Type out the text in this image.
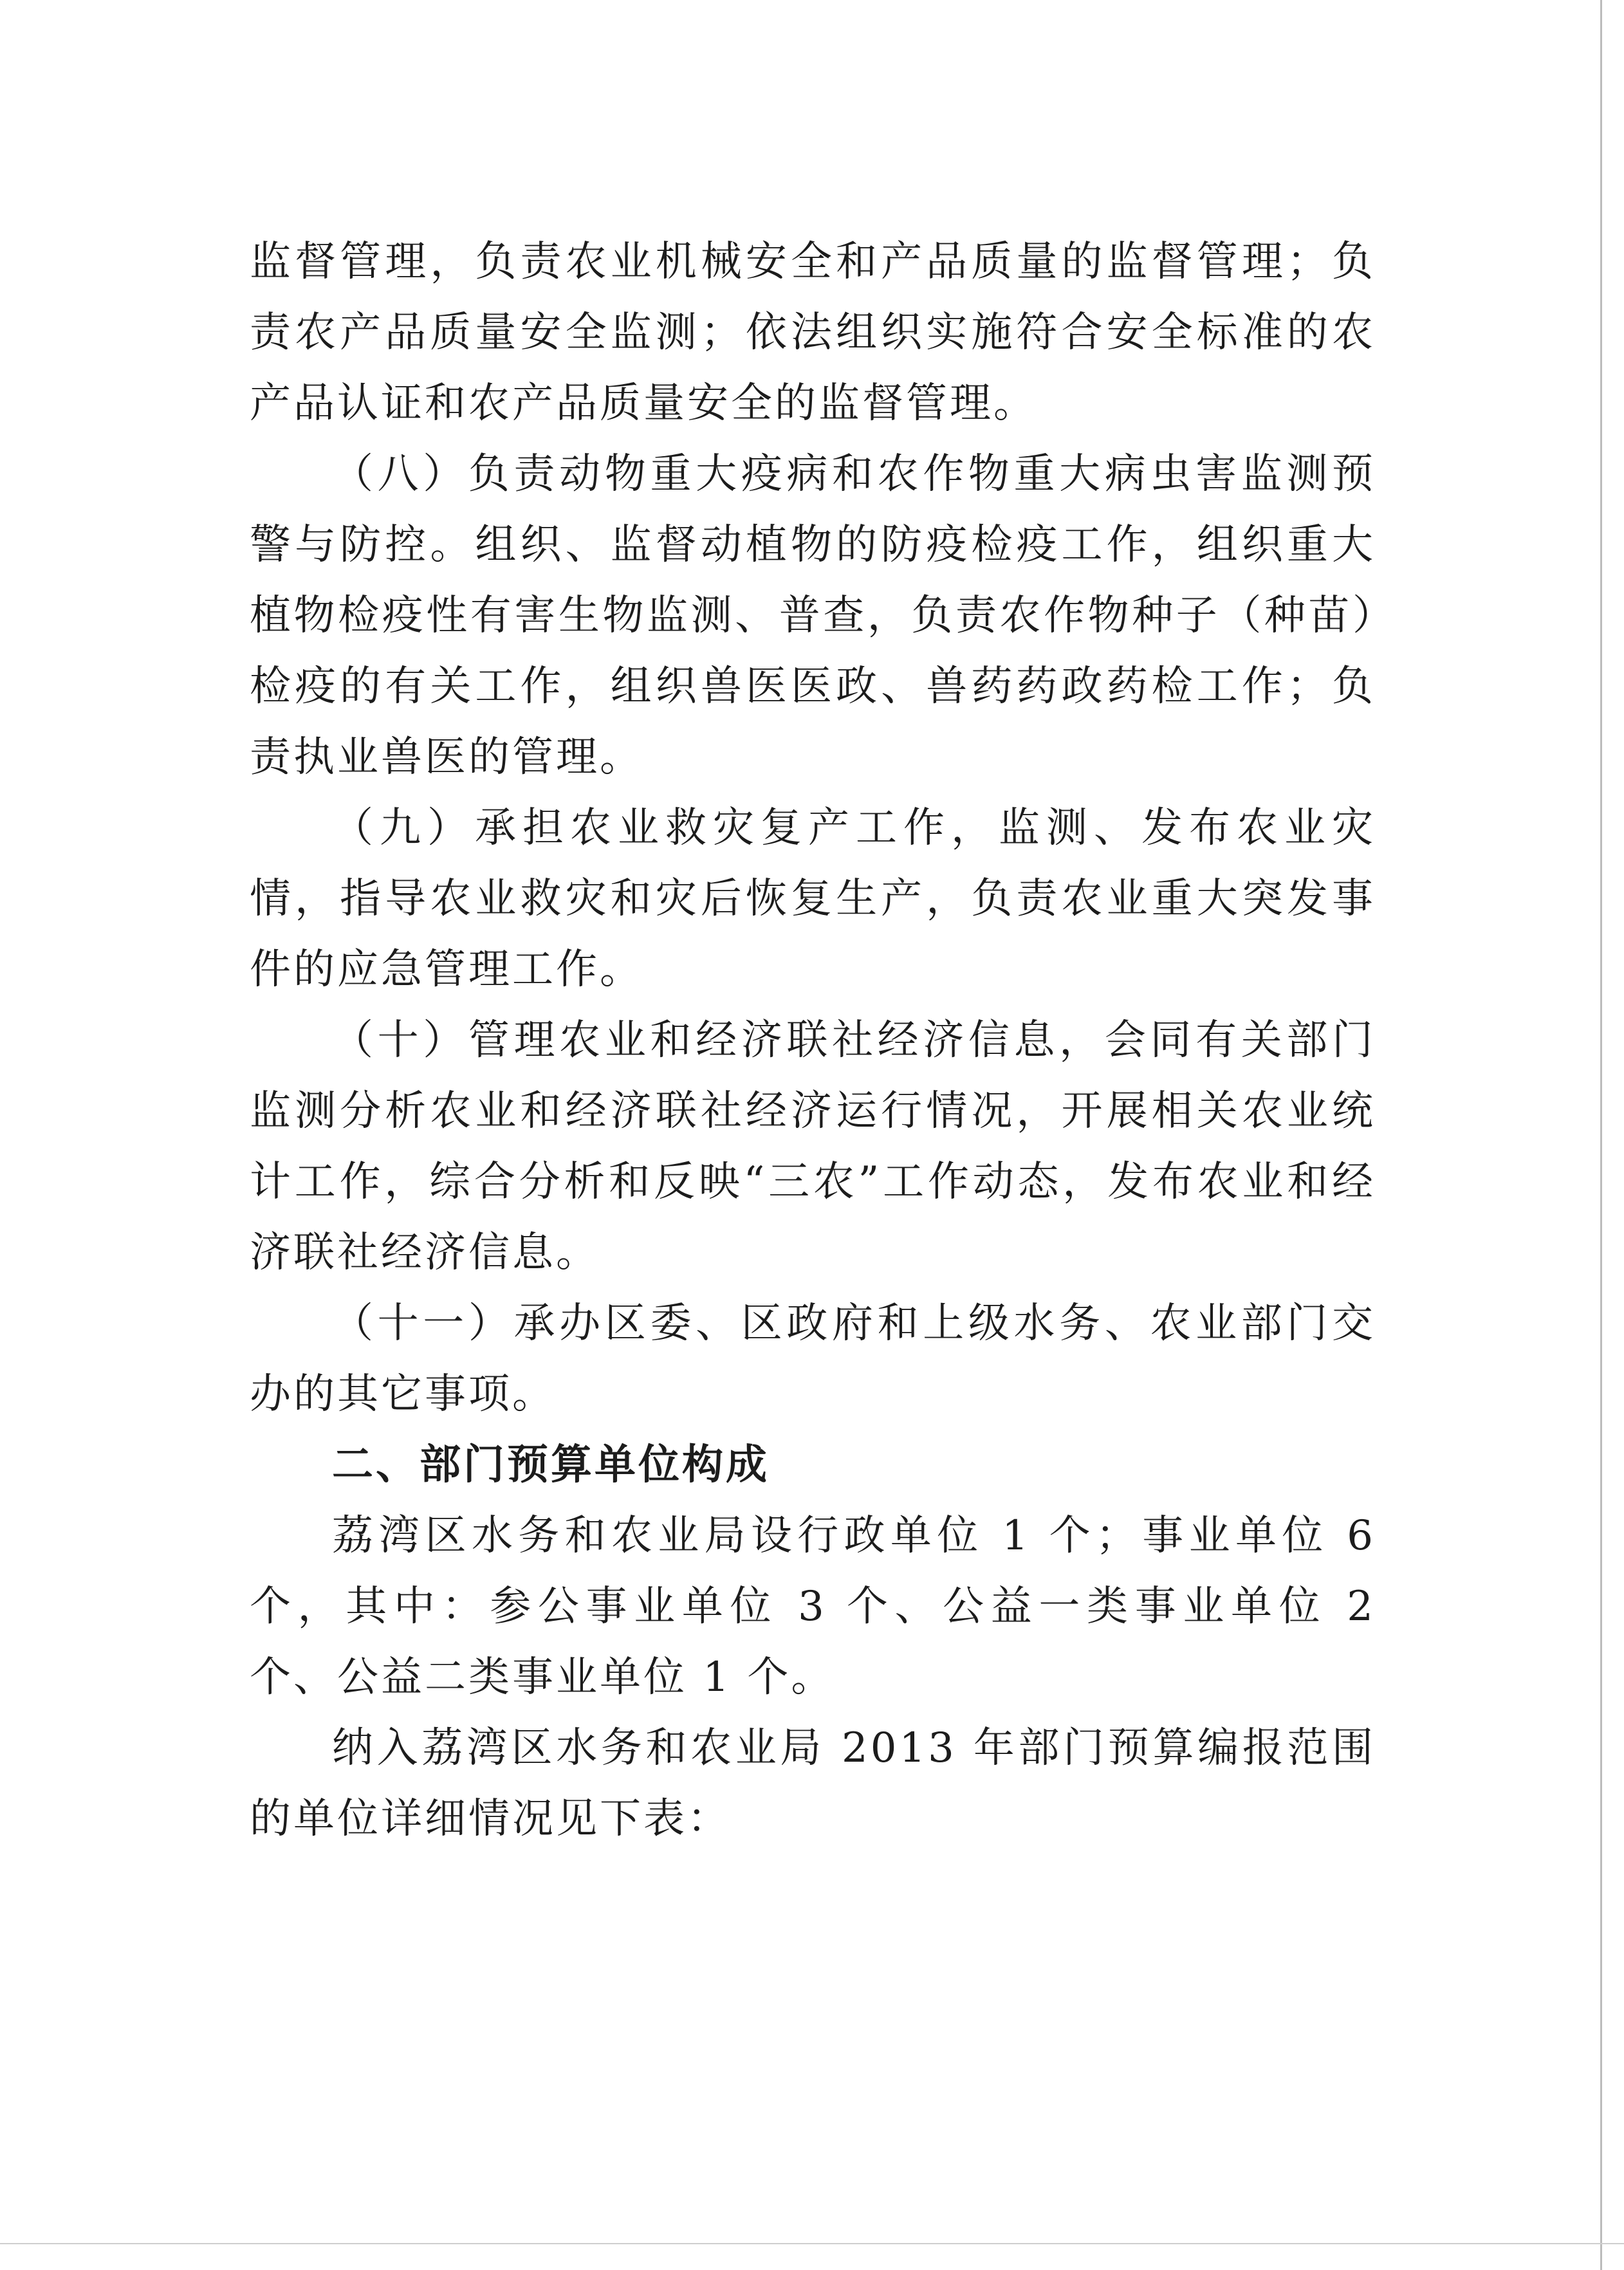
监督管理，负责农业机械安全和产品质量的监督管理；负责农产品质量安全监测；依法组织实施符合安全标准的农产品认证和农产品质量安全的监督管理。

（八）负责动物重大疫病和农作物重大病虫害监测预警与防控。组织、监督动植物的防疫检疫工作，组织重大植物检疫性有害生物监测、普查，负责农作物种子（种苗）检疫的有关工作，组织兽医医政、兽药药政药检工作；负责执业兽医的管理。

（九）承担农业救灾复产工作，监测、发布农业灾情，指导农业救灾和灾后恢复生产，负责农业重大突发事件的应急管理工作。

（十）管理农业和经济联社经济信息，会同有关部门监测分析农业和经济联社经济运行情况，开展相关农业统计工作，综合分析和反映“三农”工作动态，发布农业和经济联社经济信息。

（十一）承办区委、区政府和上级水务、农业部门交办的其它事项。

二、部门预算单位构成

荔湾区水务和农业局设行政单位 1 个；事业单位 6 个，其中：参公事业单位 3 个、公益一类事业单位 2 个、公益二类事业单位 1 个。

纳入荔湾区水务和农业局 2013 年部门预算编报范围的单位详细情况见下表：
